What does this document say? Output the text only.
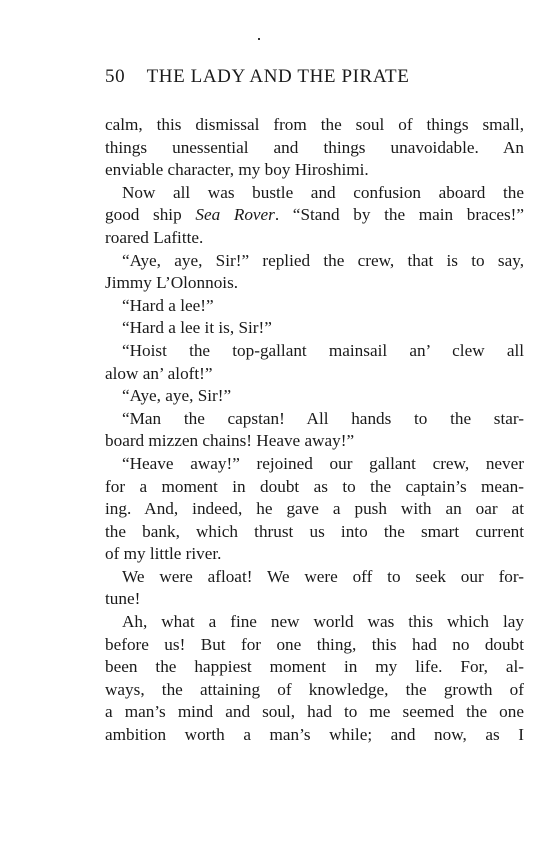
50 THE LADY AND THE PIRATE
calm, this dismissal from the soul of things small,
things unessential and things unavoidable. An
enviable character, my boy Hiroshimi.
Now all was bustle and confusion aboard the
good ship Sea Rover. “Stand by the main braces!”
roared Lafitte.
“Aye, aye, Sir!” replied the crew, that is to say,
Jimmy L’Olonnois.
“Hard a lee!”
“Hard a lee it is, Sir!”
“Hoist the top-gallant mainsail an’ clew all
alow an’ aloft!”
“Aye, aye, Sir!”
“Man the capstan! All hands to the star-
board mizzen chains! Heave away!”
“Heave away!” rejoined our gallant crew, never
for a moment in doubt as to the captain’s mean-
ing. And, indeed, he gave a push with an oar at
the bank, which thrust us into the smart current
of my little river.
We were afloat! We were off to seek our for-
tune!
Ah, what a fine new world was this which lay
before us! But for one thing, this had no doubt
been the happiest moment in my life. For, al-
ways, the attaining of knowledge, the growth of
a man’s mind and soul, had to me seemed the one
ambition worth a man’s while; and now, as I
